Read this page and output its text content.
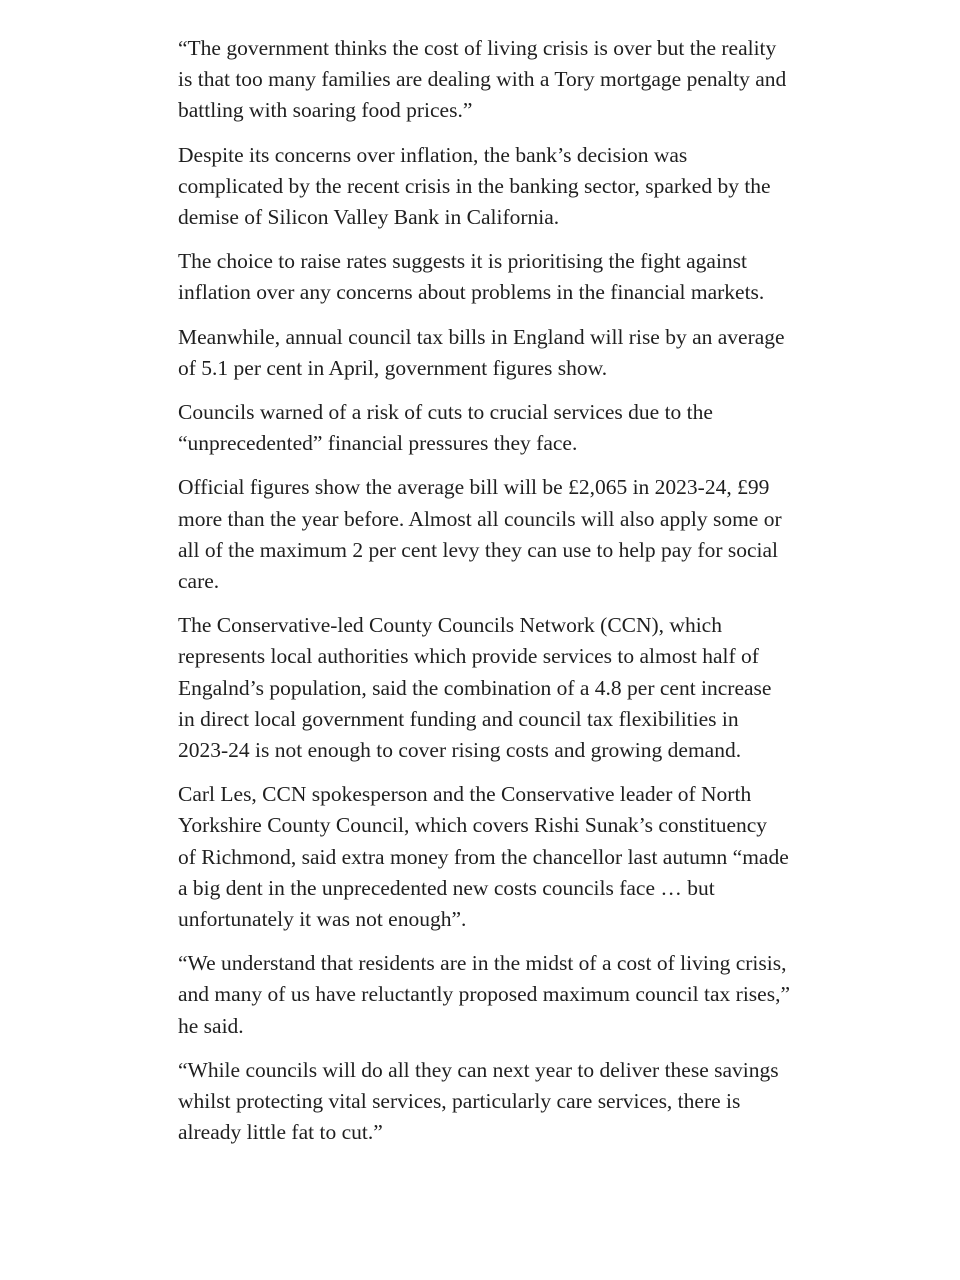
“The government thinks the cost of living crisis is over but the reality is that too many families are dealing with a Tory mortgage penalty and battling with soaring food prices.”

Despite its concerns over inflation, the bank’s decision was complicated by the recent crisis in the banking sector, sparked by the demise of Silicon Valley Bank in California.

The choice to raise rates suggests it is prioritising the fight against inflation over any concerns about problems in the financial markets.

Meanwhile, annual council tax bills in England will rise by an average of 5.1 per cent in April, government figures show.

Councils warned of a risk of cuts to crucial services due to the “unprecedented” financial pressures they face.

Official figures show the average bill will be £2,065 in 2023-24, £99 more than the year before. Almost all councils will also apply some or all of the maximum 2 per cent levy they can use to help pay for social care.

The Conservative-led County Councils Network (CCN), which represents local authorities which provide services to almost half of Engalnd’s population, said the combination of a 4.8 per cent increase in direct local government funding and council tax flexibilities in 2023-24 is not enough to cover rising costs and growing demand.

Carl Les, CCN spokesperson and the Conservative leader of North Yorkshire County Council, which covers Rishi Sunak’s constituency of Richmond, said extra money from the chancellor last autumn “made a big dent in the unprecedented new costs councils face … but unfortunately it was not enough”.

“We understand that residents are in the midst of a cost of living crisis, and many of us have reluctantly proposed maximum council tax rises,” he said.

“While councils will do all they can next year to deliver these savings whilst protecting vital services, particularly care services, there is already little fat to cut.”
